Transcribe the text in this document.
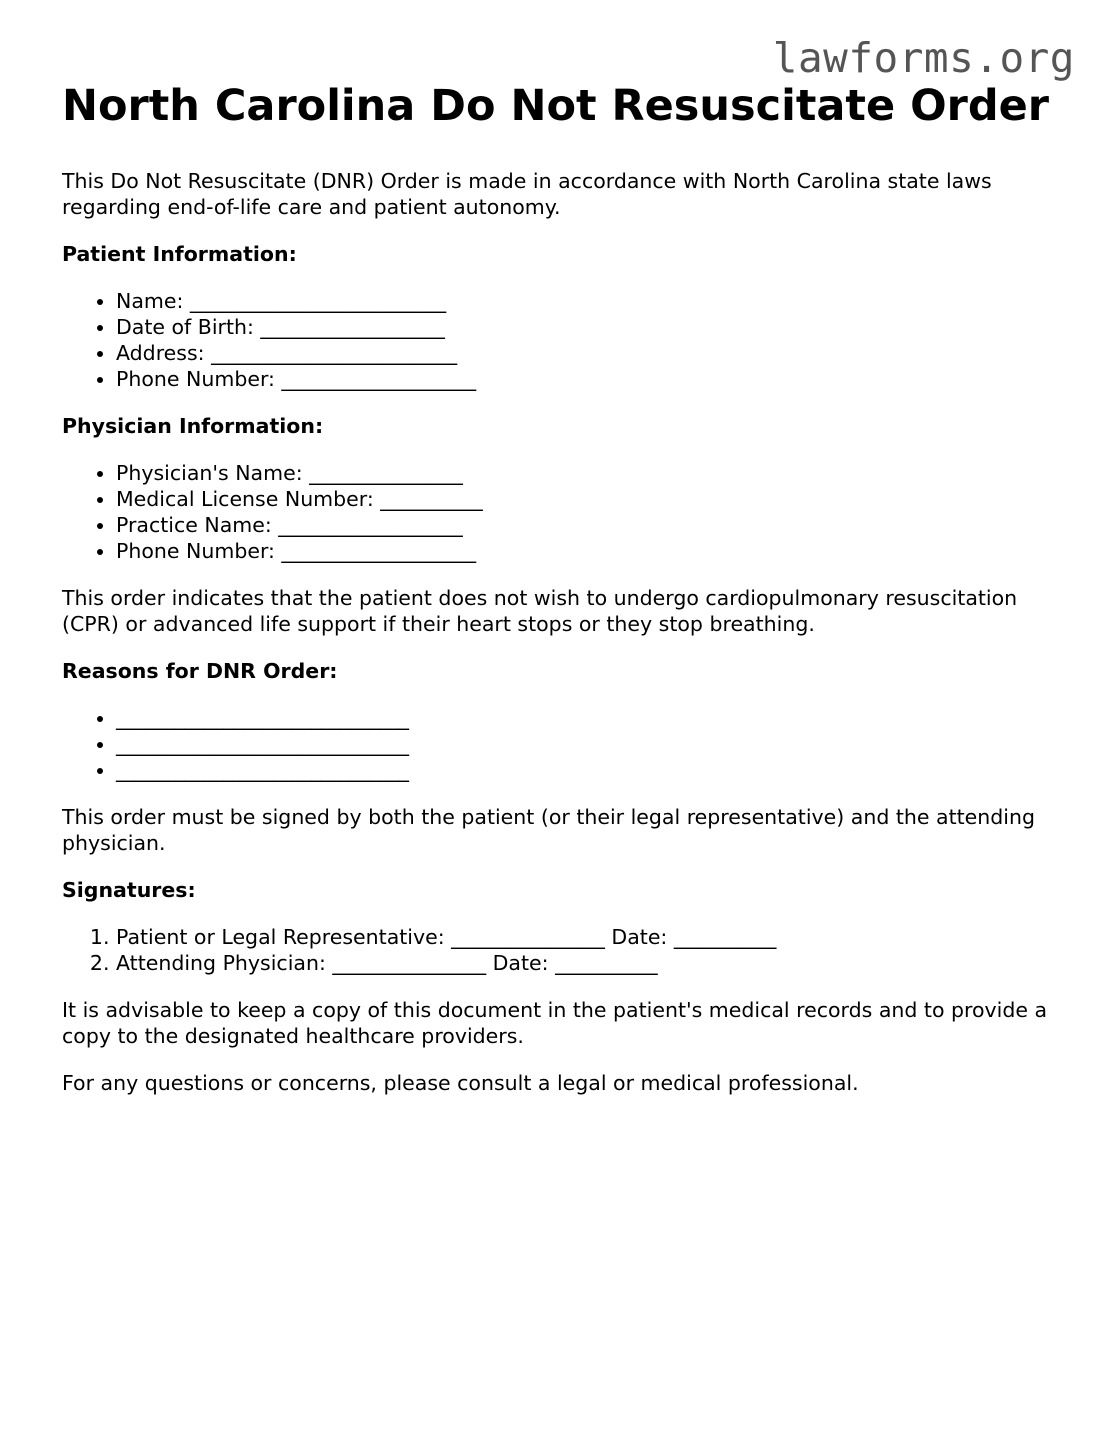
lawforms.org
North Carolina Do Not Resuscitate Order

This Do Not Resuscitate (DNR) Order is made in accordance with North Carolina state laws regarding end-of-life care and patient autonomy.

Patient Information:
• Name: _________________________
• Date of Birth: __________________
• Address: ________________________
• Phone Number: ___________________
Physician Information:
• Physician's Name: _______________
• Medical License Number: __________
• Practice Name: __________________
• Phone Number: ___________________

This order indicates that the patient does not wish to undergo cardiopulmonary resuscitation (CPR) or advanced life support if their heart stops or they stop breathing.

Reasons for DNR Order:
• ______________________________
• ______________________________
• ______________________________

This order must be signed by both the patient (or their legal representative) and the attending physician.

Signatures:
1. Patient or Legal Representative: _______________ Date: __________
2. Attending Physician: _______________ Date: __________

It is advisable to keep a copy of this document in the patient's medical records and to provide a copy to the designated healthcare providers.

For any questions or concerns, please consult a legal or medical professional.
